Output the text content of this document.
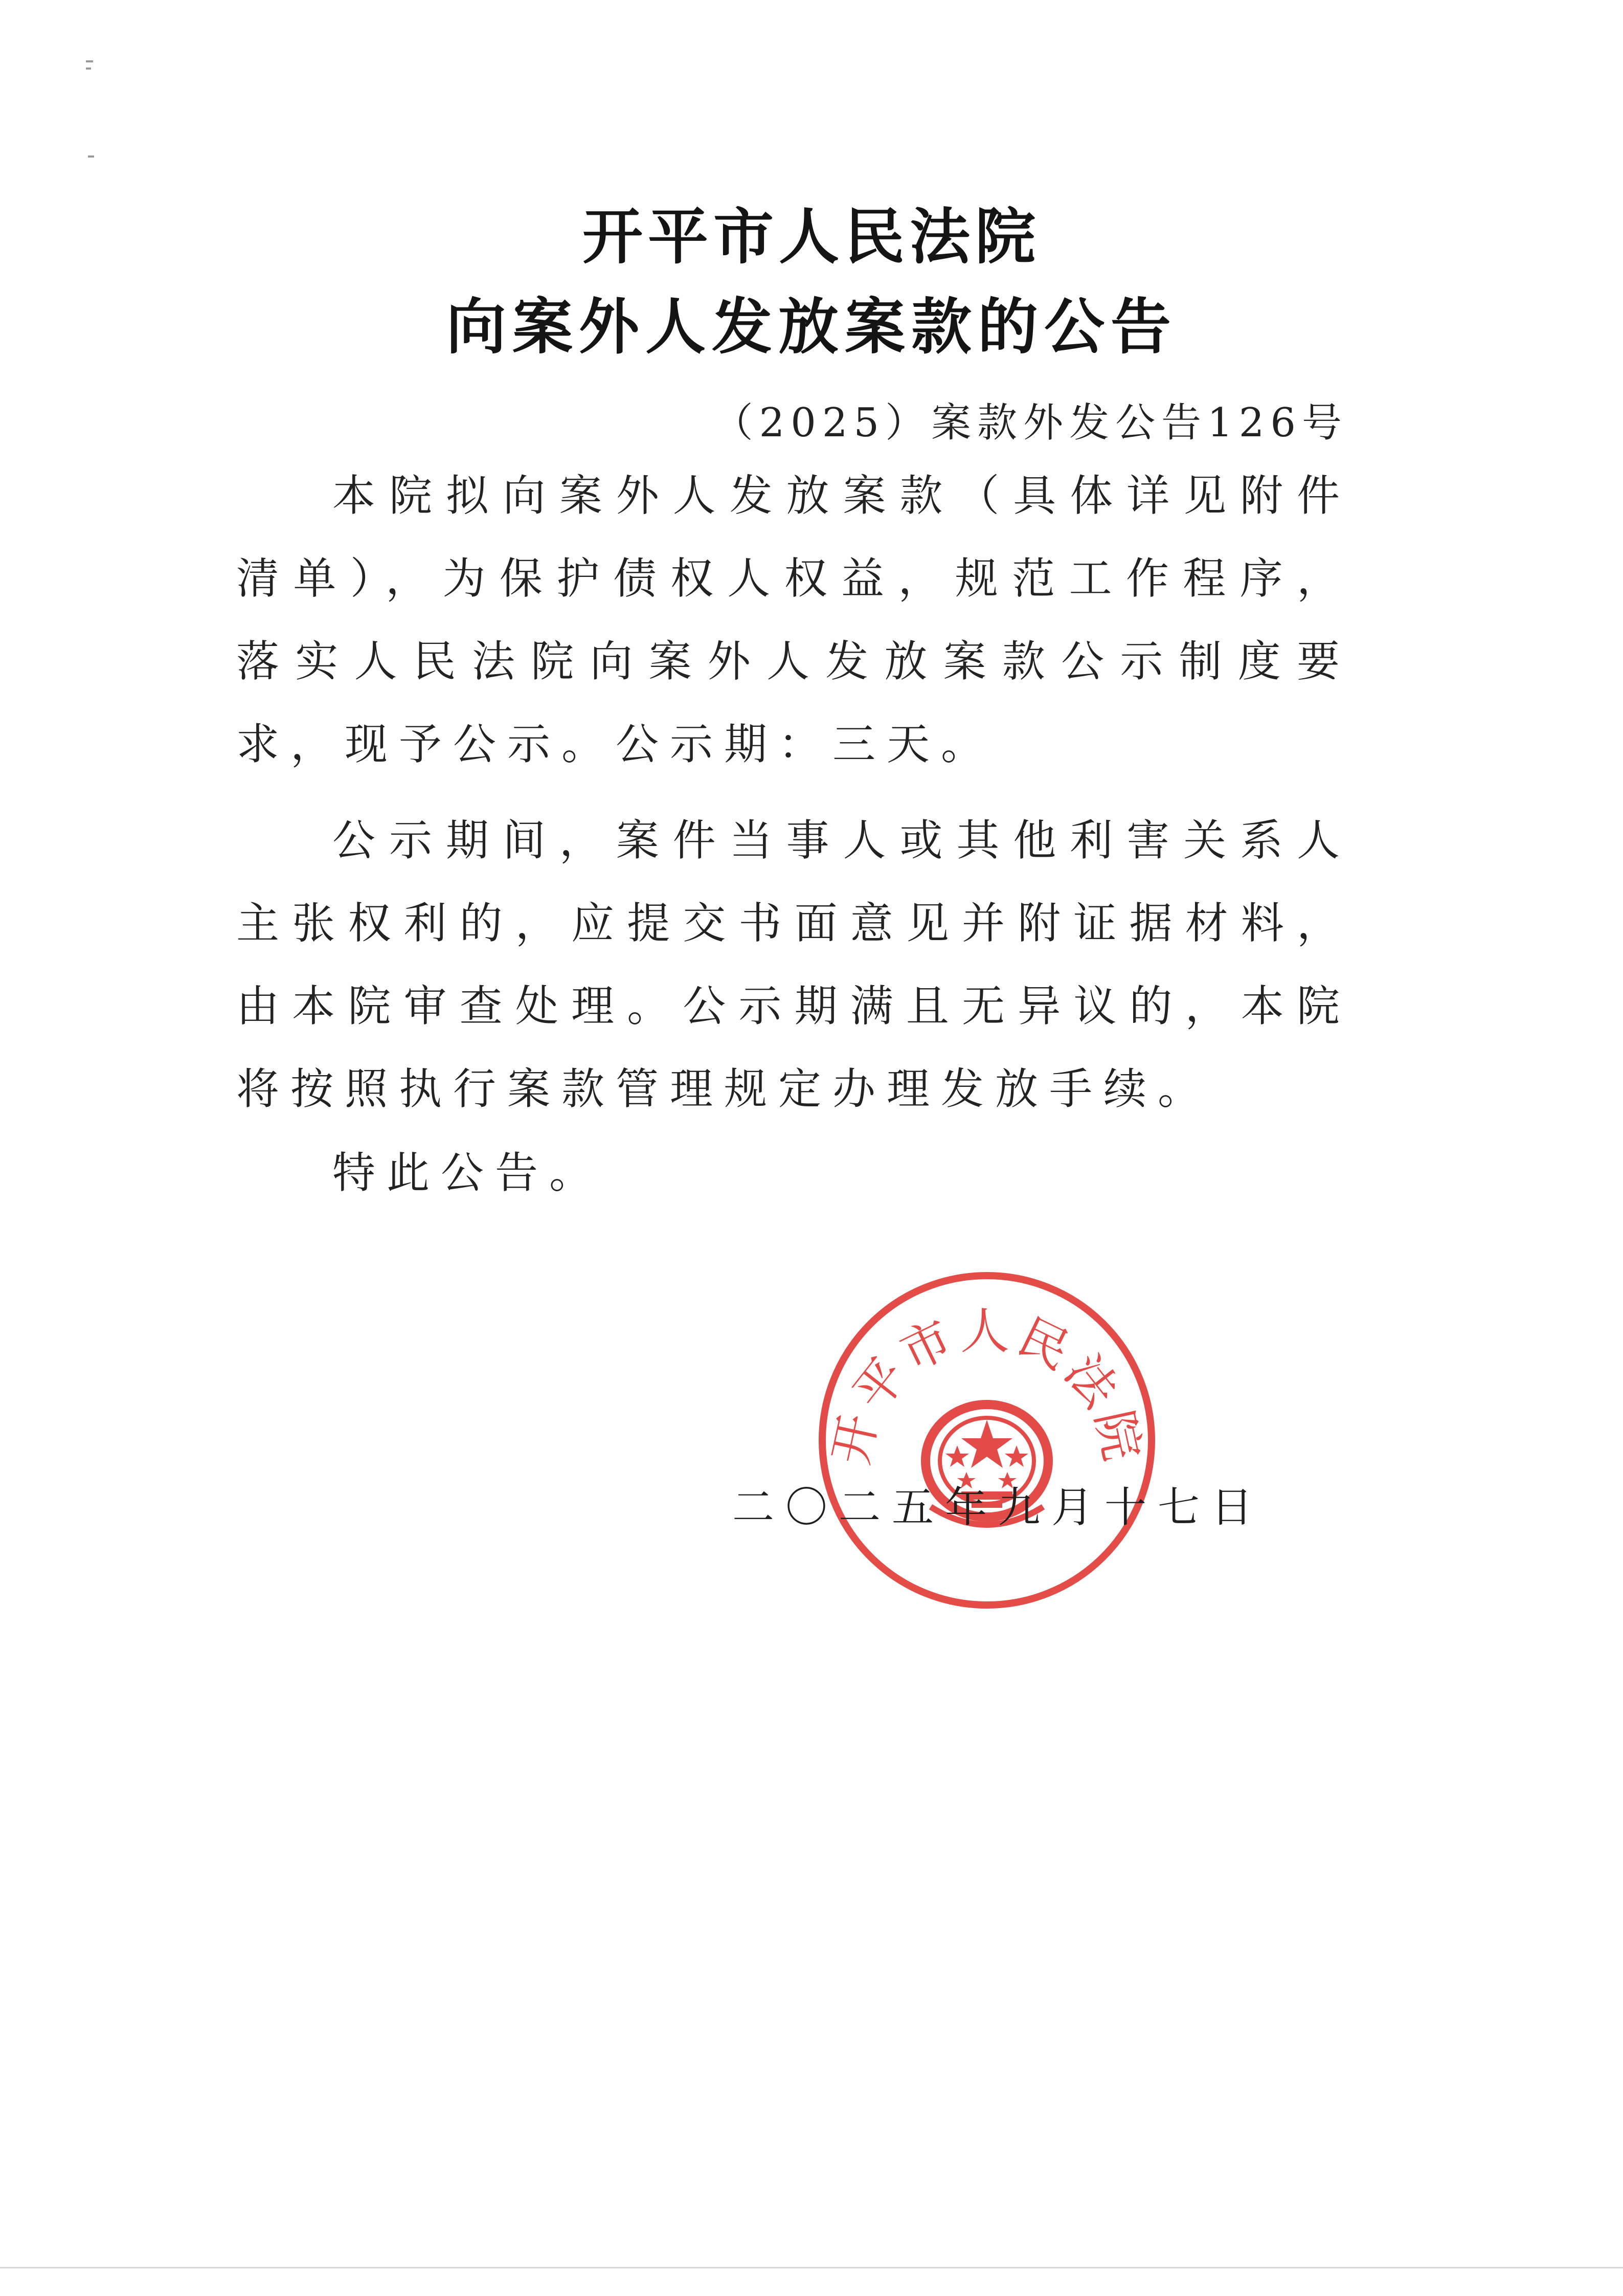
开平市人民法院
向案外人发放案款的公告
（2025）案款外发公告126号
本院拟向案外人发放案款（具体详见附件清单），为保护债权人权益，规范工作程序，落实人民法院向案外人发放案款公示制度要求，现予公示。公示期：三天。
公示期间，案件当事人或其他利害关系人主张权利的，应提交书面意见并附证据材料，由本院审查处理。公示期满且无异议的，本院将按照执行案款管理规定办理发放手续。
特此公告。
开平市人民法院
二〇二五年九月十七日
